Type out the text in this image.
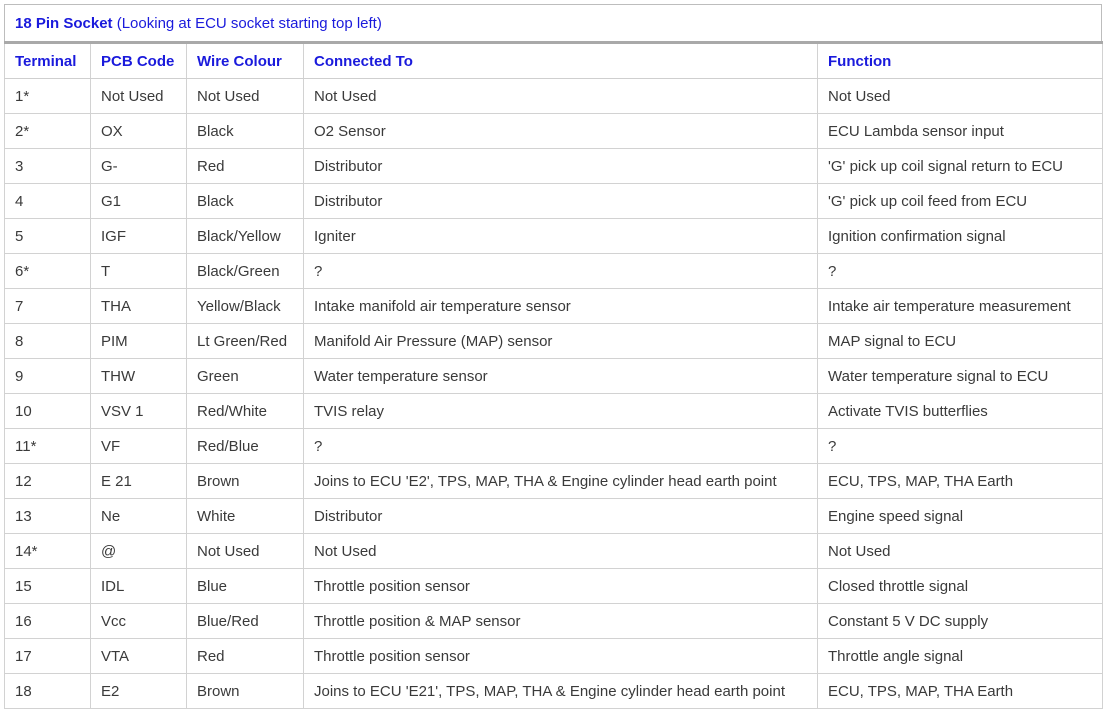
18 Pin Socket (Looking at ECU socket starting top left)
Terminal	PCB Code	Wire Colour	Connected To	Function
1*	Not Used	Not Used	Not Used	Not Used
2*	OX	Black	O2 Sensor	ECU Lambda sensor input
3	G-	Red	Distributor	'G' pick up coil signal return to ECU
4	G1	Black	Distributor	'G' pick up coil feed from ECU
5	IGF	Black/Yellow	Igniter	Ignition confirmation signal
6*	T	Black/Green	?	?
7	THA	Yellow/Black	Intake manifold air temperature sensor	Intake air temperature measurement
8	PIM	Lt Green/Red	Manifold Air Pressure (MAP) sensor	MAP signal to ECU
9	THW	Green	Water temperature sensor	Water temperature signal to ECU
10	VSV 1	Red/White	TVIS relay	Activate TVIS butterflies
11*	VF	Red/Blue	?	?
12	E 21	Brown	Joins to ECU 'E2', TPS, MAP, THA & Engine cylinder head earth point	ECU, TPS, MAP, THA Earth
13	Ne	White	Distributor	Engine speed signal
14*	@	Not Used	Not Used	Not Used
15	IDL	Blue	Throttle position sensor	Closed throttle signal
16	Vcc	Blue/Red	Throttle position & MAP sensor	Constant 5 V DC supply
17	VTA	Red	Throttle position sensor	Throttle angle signal
18	E2	Brown	Joins to ECU 'E21', TPS, MAP, THA & Engine cylinder head earth point	ECU, TPS, MAP, THA Earth
